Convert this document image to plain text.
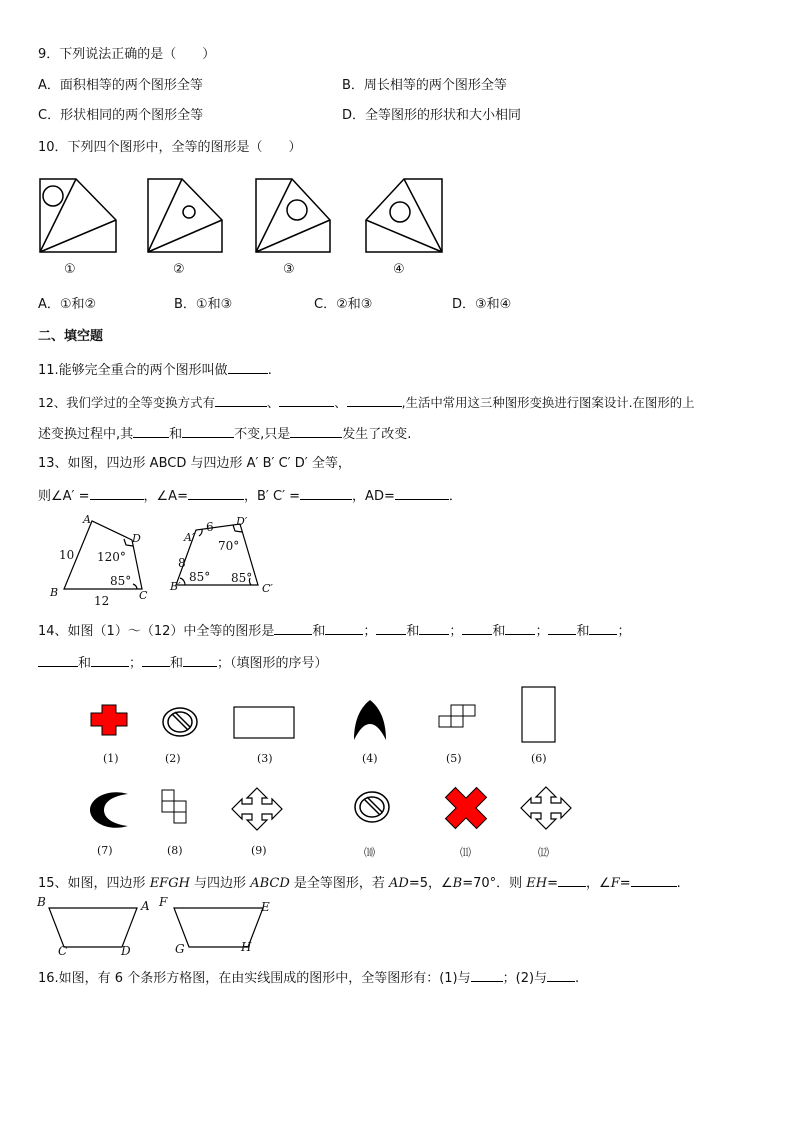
9．下列说法正确的是（　　）
A．面积相等的两个图形全等	B．周长相等的两个图形全等
C．形状相同的两个图形全等	D．全等图形的形状和大小相同
10．下列四个图形中，全等的图形是（　　）
①	②	③	④
A．①和②	B．①和③	C．②和③	D．③和④
二、填空题
11.能够完全重合的两个图形叫做	.
12、我们学过的全等变换方式有	、	、	,生活中常用这三种图形变换进行图案设计.在图形的上
述变换过程中,其	和	不变,只是	发生了改变.
13、如图，四边形 ABCD 与四边形 A′ B′ C′ D′ 全等，
则∠A′ =	，∠A=	，B′ C′ =	，AD=	．
A
D
B	C
10
12
120°
85°
A′
D′
B′	C′
6
8
70°
85° 85°
14、如图（1）～（12）中全等的图形是	和	； 和 ； 和 ； 和 ；
和	； 和	；（填图形的序号）
(1)	(2)	(3)	(4)	(5)	(6)
(7)	(8)	(9)	⑽	⑾	⑿
15、如图，四边形 EFGH 与四边形 ABCD 是全等图形，若 AD=5，∠B=70°．则 EH= ，∠F=	.
B	A
C	D
F	E
G	H
16.如图，有 6 个条形方格图，在由实线围成的图形中，全等图形有：(1)与 ；(2)与 .
